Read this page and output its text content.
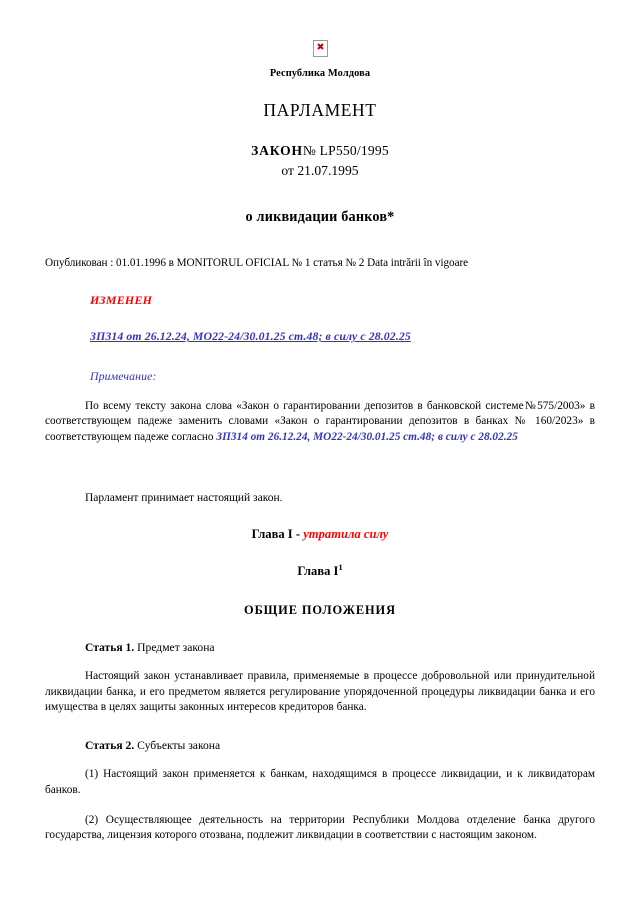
Республика Молдова
ПАРЛАМЕНТ
ЗАКОН№ LP550/1995
от 21.07.1995
о ликвидации банков*
Опубликован : 01.01.1996 в MONITORUL OFICIAL № 1 статья № 2 Data intrării în vigoare
ИЗМЕНЕН
ЗП314 от 26.12.24, МО22-24/30.01.25 ст.48; в силу с 28.02.25
Примечание:

По всему тексту закона слова «Закон о гарантировании депозитов в банковской системе№575/2003» в соответствующем падеже заменить словами «Закон о гарантировании депозитов в банках № 160/2023» в соответствующем падеже согласно ЗП314 от 26.12.24, МО22-24/30.01.25 ст.48; в силу с 28.02.25

Парламент принимает настоящий закон.
Глава I - утратила силу
Глава $I^1$
ОБЩИЕ ПОЛОЖЕНИЯ
Статья 1. Предмет закона

Настоящий закон устанавливает правила, применяемые в процессе добровольной или принудительной ликвидации банка, и его предметом является регулирование упорядоченной процедуры ликвидации банка и его имущества в целях защиты законных интересов кредиторов банка.

Статья 2. Субъекты закона

(1) Настоящий закон применяется к банкам, находящимся в процессе ликвидации, и к ликвидаторам банков.

(2) Осуществляющее деятельность на территории Республики Молдова отделение банка другого государства, лицензия которого отозвана, подлежит ликвидации в соответствии с настоящим законом.
